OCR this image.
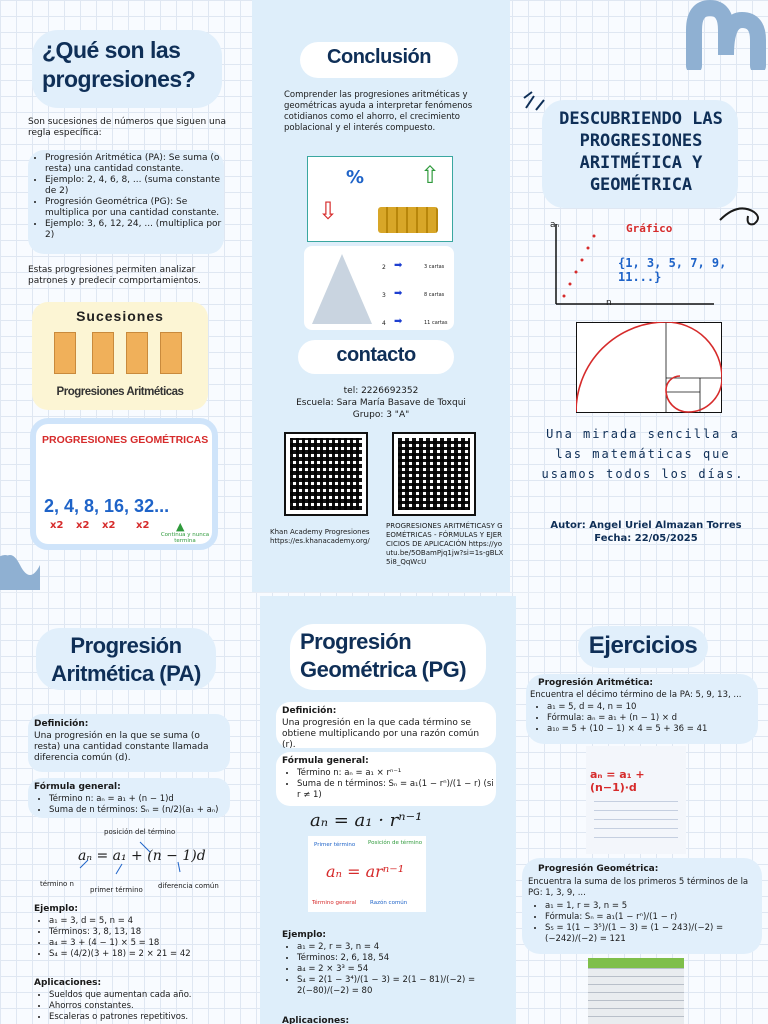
¿Qué son las progresiones?
Son sucesiones de números que siguen una regla específica:
• Progresión Aritmética (PA): Se suma (o resta) una cantidad constante.
• Ejemplo: 2, 4, 6, 8, ... (suma constante de 2)
• Progresión Geométrica (PG): Se multiplica por una cantidad constante.
• Ejemplo: 3, 6, 12, 24, ... (multiplica por 2)
Estas progresiones permiten analizar patrones y predecir comportamientos.
Sucesiones
Progresiones Aritméticas
PROGRESIONES GEOMÉTRICAS
2, 4, 8, 16, 32...
x2 x2 x2 x2 ▲
Continua y nunca termina
Conclusión
Comprender las progresiones aritméticas y geométricas ayuda a interpretar fenómenos cotidianos como el ahorro, el crecimiento poblacional y el interés compuesto.
%
⇩
⇧
2 ➡	3 cartas
3 ➡	8 cartas
4 ➡	11 cartas
contacto
tel: 2226692352
Escuela: Sara María Basave de Toxqui
Grupo: 3 "A"
Khan Academy Progresiones https://es.khanacademy.org/
PROGRESIONES ARITMÉTICASY GEOMÉTRICAS - FÓRMULAS Y EJERCICIOS DE APLICACIÓN https://youtu.be/5OBamPjq1jw?si=1s-gBLX5i8_QqWcU
DESCUBRIENDO LAS PROGRESIONES ARITMÉTICA Y GEOMÉTRICA
aₙ
n
Gráfico
{1, 3, 5, 7, 9, 11...}
Una mirada sencilla a las matemáticas que usamos todos los días.
Autor: Angel Uriel Almazan Torres
Fecha: 22/05/2025
Progresión Aritmética (PA)
Definición:
Una progresión en la que se suma (o resta) una cantidad constante llamada diferencia común (d).
Fórmula general:
• Término n: aₙ = a₁ + (n − 1)d
• Suma de n términos: Sₙ = (n/2)(a₁ + aₙ)
posición del término
aₙ = a₁ + (n − 1)d
término n
primer término diferencia común
Ejemplo:
• a₁ = 3, d = 5, n = 4
• Términos: 3, 8, 13, 18
• a₄ = 3 + (4 − 1) × 5 = 18
• S₄ = (4/2)(3 + 18) = 2 × 21 = 42
Aplicaciones:
• Sueldos que aumentan cada año.
• Ahorros constantes.
• Escaleras o patrones repetitivos.
Progresión Geométrica (PG)
Definición:
Una progresión en la que cada término se obtiene multiplicando por una razón común (r).
Fórmula general:
• Término n: aₙ = a₁ × rⁿ⁻¹
• Suma de n términos: Sₙ = a₁(1 − rⁿ)/(1 − r) (si r ≠ 1)
aₙ = a₁ · rⁿ⁻¹
Primer término Posición de término
aₙ = arⁿ⁻¹
Término general Razón común
Ejemplo:
• a₁ = 2, r = 3, n = 4
• Términos: 2, 6, 18, 54
• a₄ = 2 × 3³ = 54
• S₄ = 2(1 − 3⁴)/(1 − 3) = 2(1 − 81)/(−2) = 2(−80)/(−2) = 80
Aplicaciones:
Ejercicios
Progresión Aritmética:
Encuentra el décimo término de la PA: 5, 9, 13, ...
• a₁ = 5, d = 4, n = 10
• Fórmula: aₙ = a₁ + (n − 1) × d
• a₁₀ = 5 + (10 − 1) × 4 = 5 + 36 = 41
aₙ = a₁ + (n−1)·d
Progresión Geométrica:
Encuentra la suma de los primeros 5 términos de la PG: 1, 3, 9, ...
• a₁ = 1, r = 3, n = 5
• Fórmula: Sₙ = a₁(1 − rⁿ)/(1 − r)
• S₅ = 1(1 − 3⁵)/(1 − 3) = (1 − 243)/(−2) = (−242)/(−2) = 121
